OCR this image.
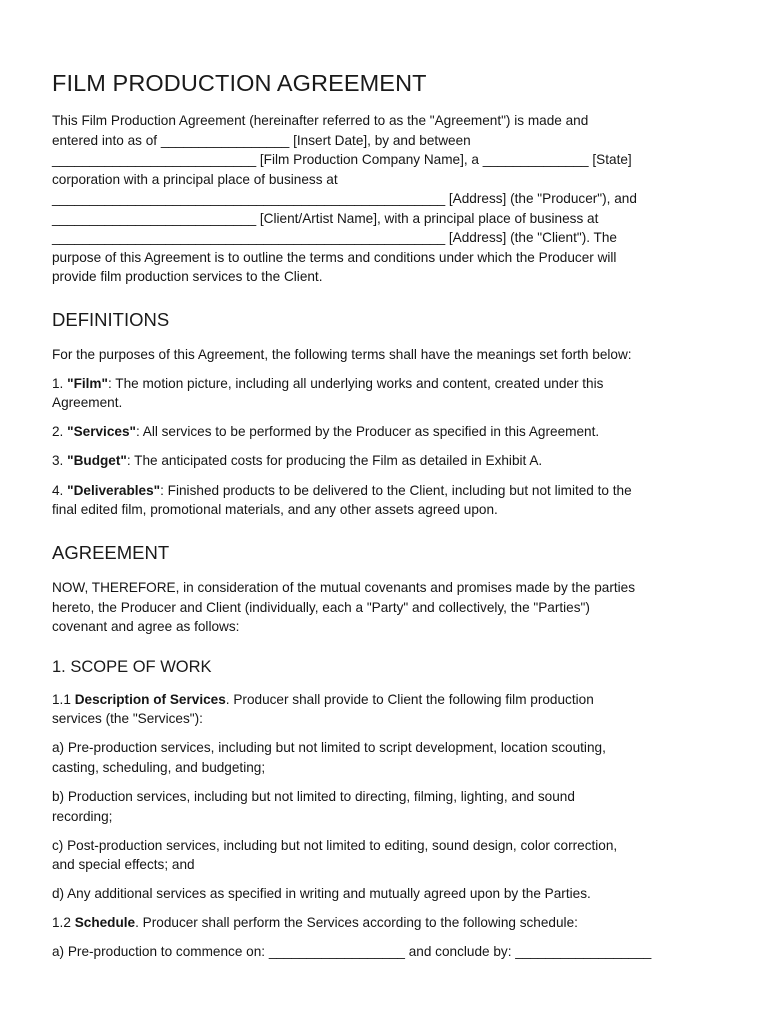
FILM PRODUCTION AGREEMENT
This Film Production Agreement (hereinafter referred to as the "Agreement") is made and
entered into as of _________________ [Insert Date], by and between
___________________________ [Film Production Company Name], a ______________ [State]
corporation with a principal place of business at
____________________________________________________ [Address] (the "Producer"), and
___________________________ [Client/Artist Name], with a principal place of business at
____________________________________________________ [Address] (the "Client"). The
purpose of this Agreement is to outline the terms and conditions under which the Producer will
provide film production services to the Client.
DEFINITIONS
For the purposes of this Agreement, the following terms shall have the meanings set forth below:
1. "Film": The motion picture, including all underlying works and content, created under this
Agreement.
2. "Services": All services to be performed by the Producer as specified in this Agreement.
3. "Budget": The anticipated costs for producing the Film as detailed in Exhibit A.
4. "Deliverables": Finished products to be delivered to the Client, including but not limited to the
final edited film, promotional materials, and any other assets agreed upon.
AGREEMENT
NOW, THEREFORE, in consideration of the mutual covenants and promises made by the parties
hereto, the Producer and Client (individually, each a "Party" and collectively, the "Parties")
covenant and agree as follows:
1. SCOPE OF WORK
1.1 Description of Services. Producer shall provide to Client the following film production
services (the "Services"):
a) Pre-production services, including but not limited to script development, location scouting,
casting, scheduling, and budgeting;
b) Production services, including but not limited to directing, filming, lighting, and sound
recording;
c) Post-production services, including but not limited to editing, sound design, color correction,
and special effects; and
d) Any additional services as specified in writing and mutually agreed upon by the Parties.
1.2 Schedule. Producer shall perform the Services according to the following schedule:
a) Pre-production to commence on: __________________ and conclude by: __________________
